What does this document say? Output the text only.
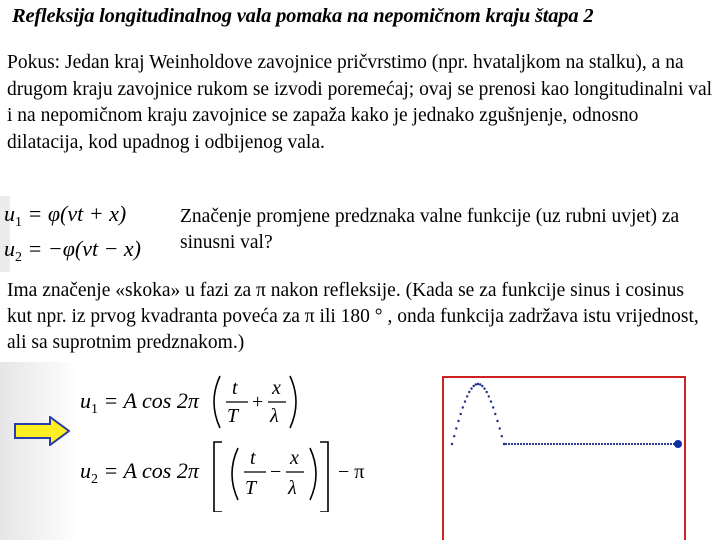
Refleksija longitudinalnog vala pomaka na nepomičnom kraju štapa 2
Pokus: Jedan kraj Weinholdove zavojnice pričvrstimo (npr. hvataljkom na stalku), a na drugom kraju zavojnice rukom se izvodi poremećaj; ovaj se prenosi kao longitudinalni val i na nepomičnom kraju zavojnice se zapaža kako je jednako zgušnjenje, odnosno dilatacija, kod upadnog i odbijenog vala.
$u_1 = \varphi(vt + x)$
$u_2 = -\varphi(vt - x)$
Značenje promjene predznaka valne funkcije (uz rubni uvjet) za sinusni val?
Ima značenje «skoka» u fazi za π nakon refleksije. (Kada se za funkcije sinus i cosinus kut npr. iz prvog kvadranta poveća za π ili 180 ° , onda funkcija zadržava istu vrijednost, ali sa suprotnim predznakom.)
$u_1 = A$ cos 2π t
T
+
x
λ
$u_2 = A$ cos 2π	t
T
−
x
λ
− π
